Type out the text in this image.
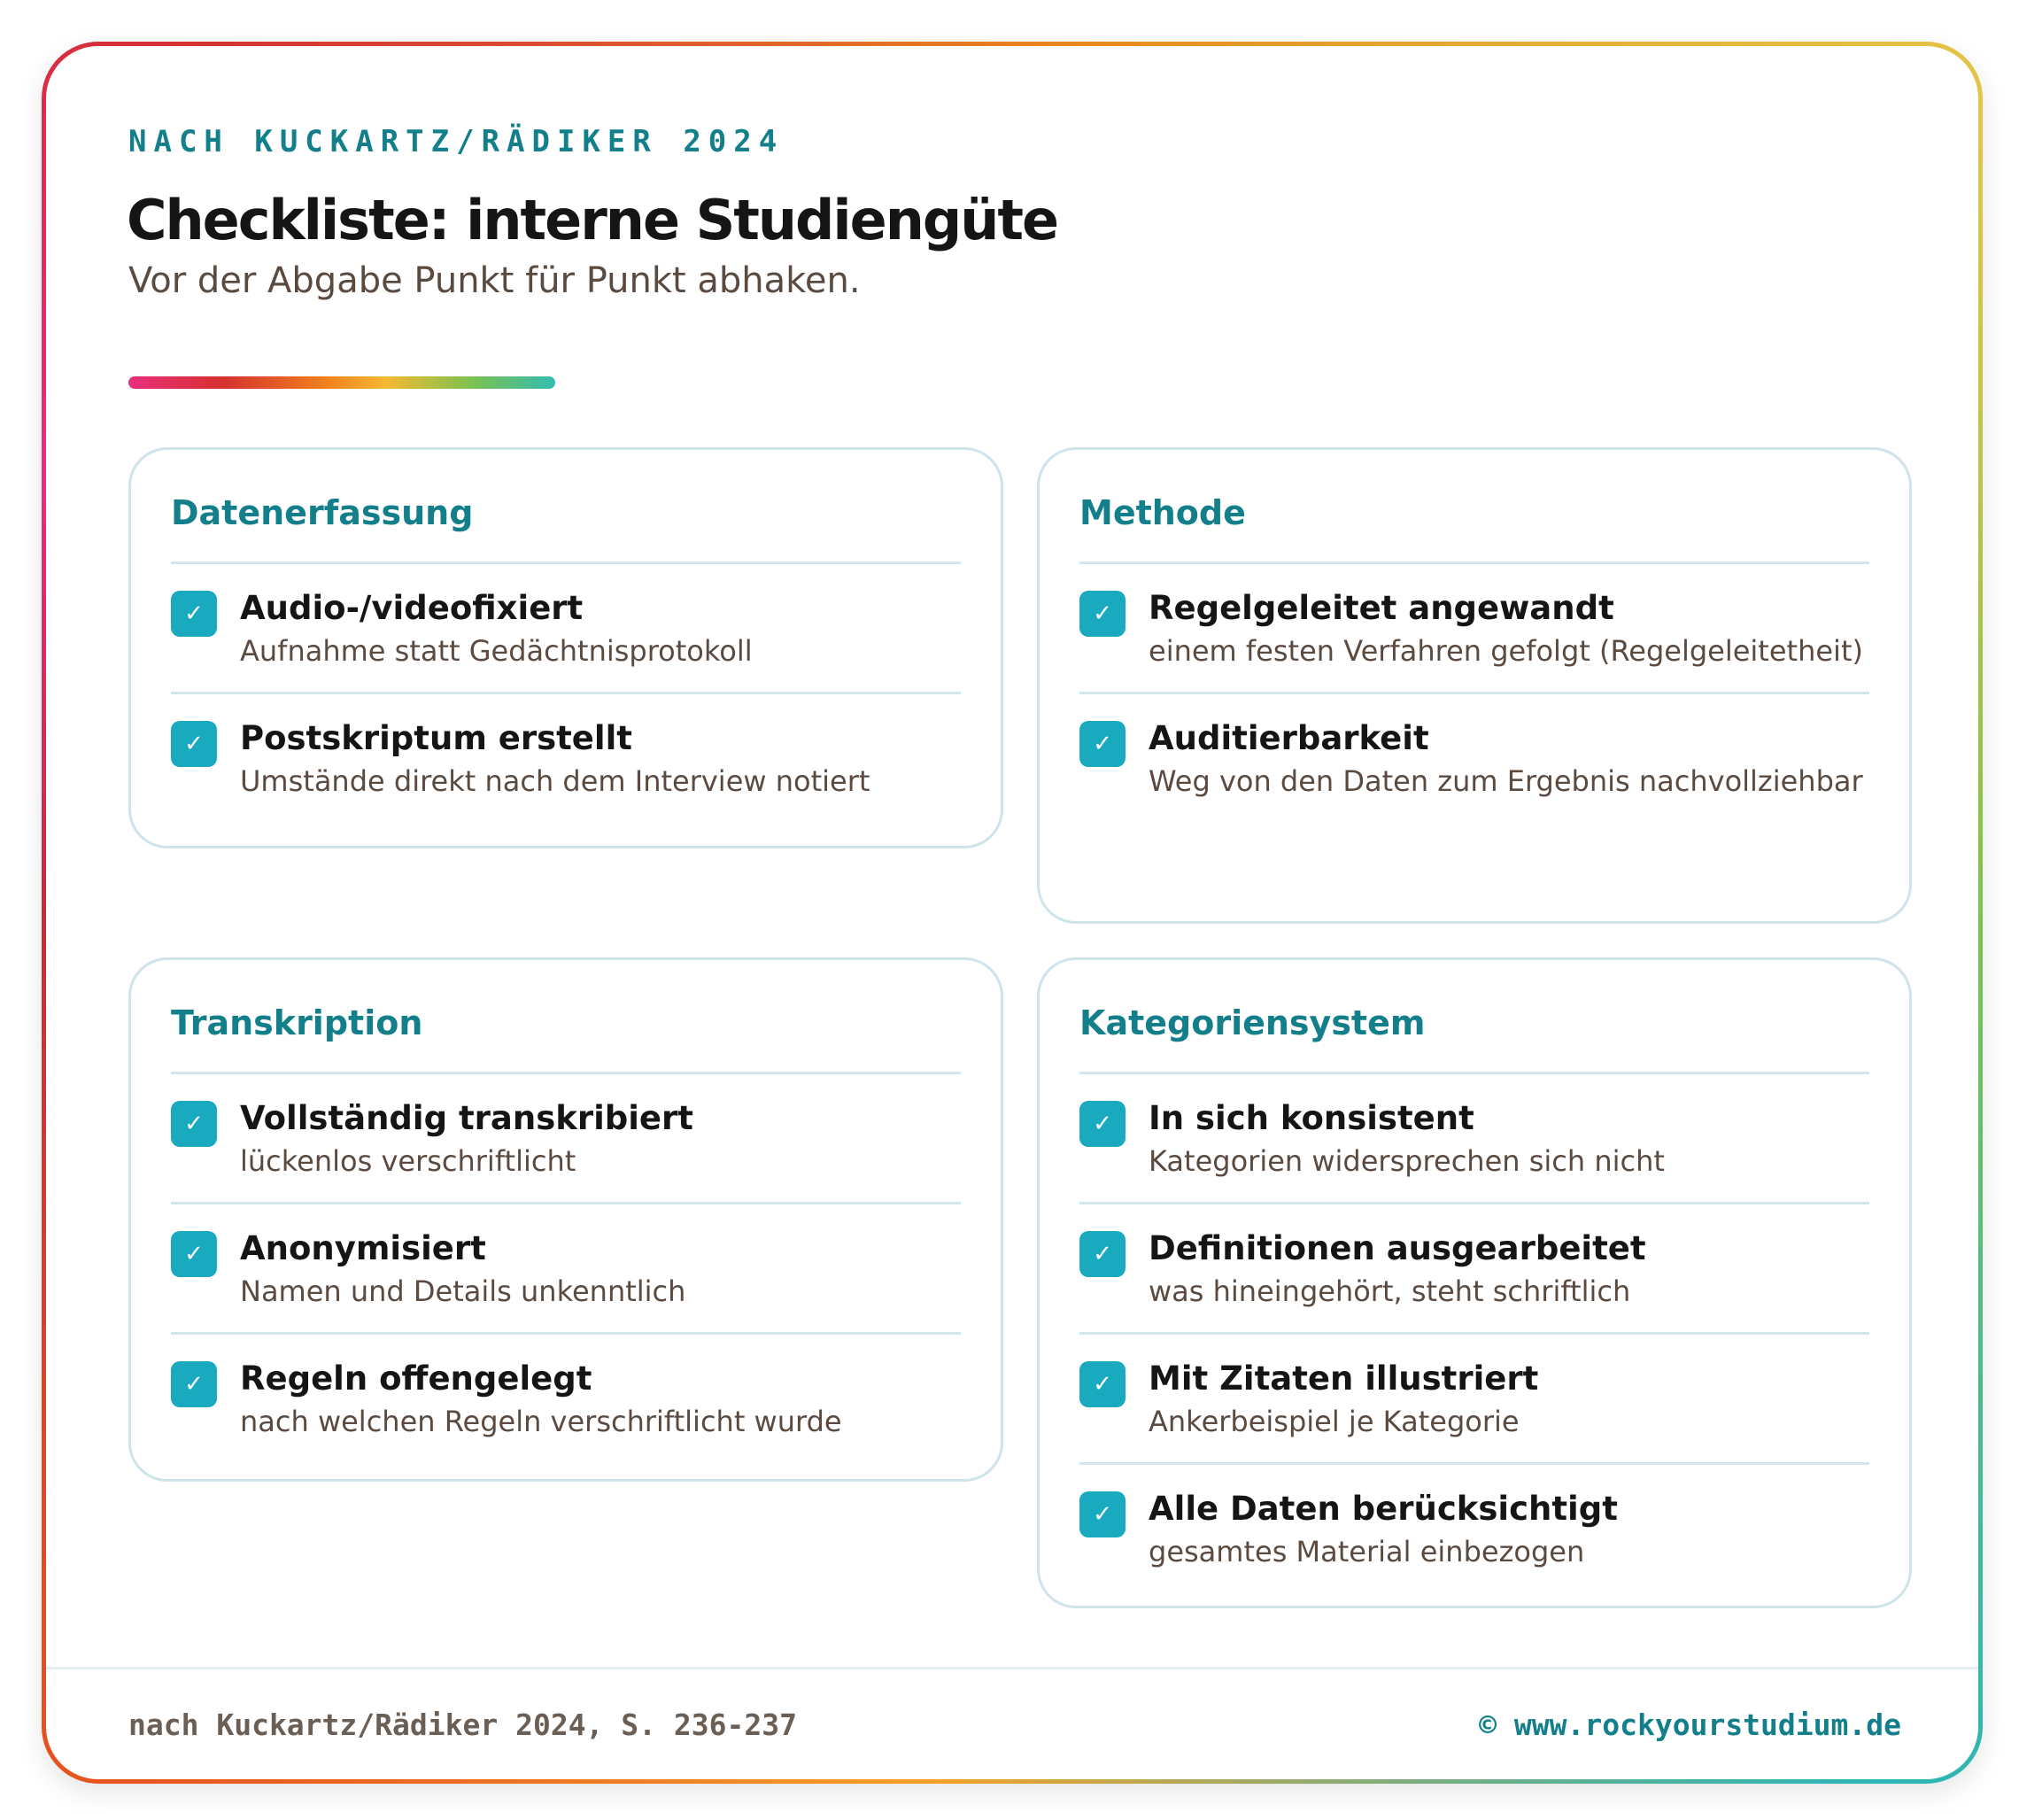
NACH KUCKARTZ/RÄDIKER 2024
Checkliste: interne Studiengüte
Vor der Abgabe Punkt für Punkt abhaken.
Datenerfassung
✓	Audio-/videofixiert
Aufnahme statt Gedächtnisprotokoll
✓	Postskriptum erstellt
Umstände direkt nach dem Interview notiert
Methode
✓	Regelgeleitet angewandt
einem festen Verfahren gefolgt (Regelgeleitetheit)
✓	Auditierbarkeit
Weg von den Daten zum Ergebnis nachvollziehbar
Transkription
✓	Vollständig transkribiert
lückenlos verschriftlicht
✓	Anonymisiert
Namen und Details unkenntlich
✓	Regeln offengelegt
nach welchen Regeln verschriftlicht wurde
Kategoriensystem
✓	In sich konsistent
Kategorien widersprechen sich nicht
✓	Definitionen ausgearbeitet
was hineingehört, steht schriftlich
✓	Mit Zitaten illustriert
Ankerbeispiel je Kategorie
✓	Alle Daten berücksichtigt
gesamtes Material einbezogen
nach Kuckartz/Rädiker 2024, S. 236-237	© www.rockyourstudium.de
